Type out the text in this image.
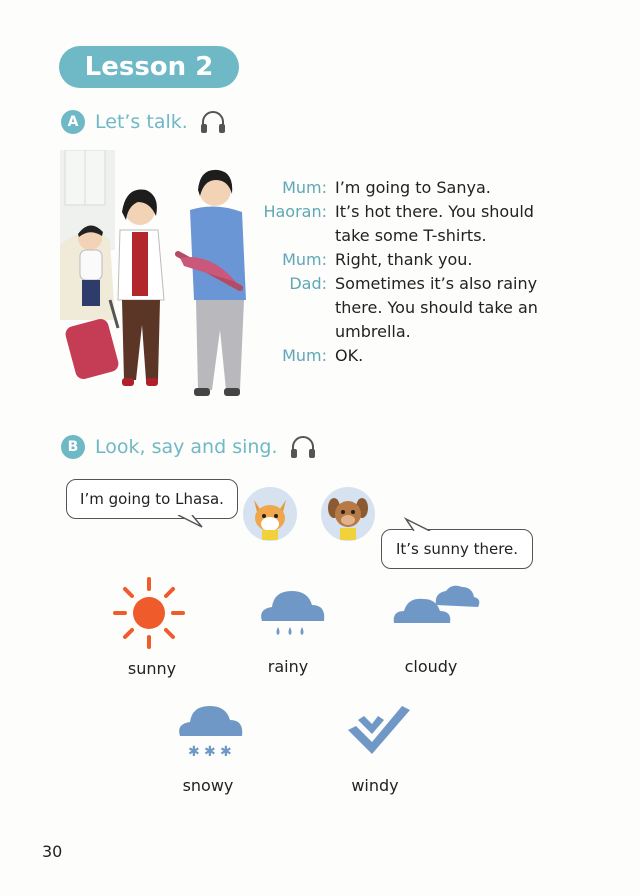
Lesson 2
A Let’s talk.
Mum: I’m going to Sanya.
Haoran: It’s hot there. You should take some T-shirts.
Mum: Right, thank you.
Dad: Sometimes it’s also rainy there. You should take an umbrella.
Mum: OK.
B Look, say and sing.
I’m going to Lhasa.
It’s sunny there.
✱ ✱ ✱
sunny	rainy	cloudy
snowy	windy
30
